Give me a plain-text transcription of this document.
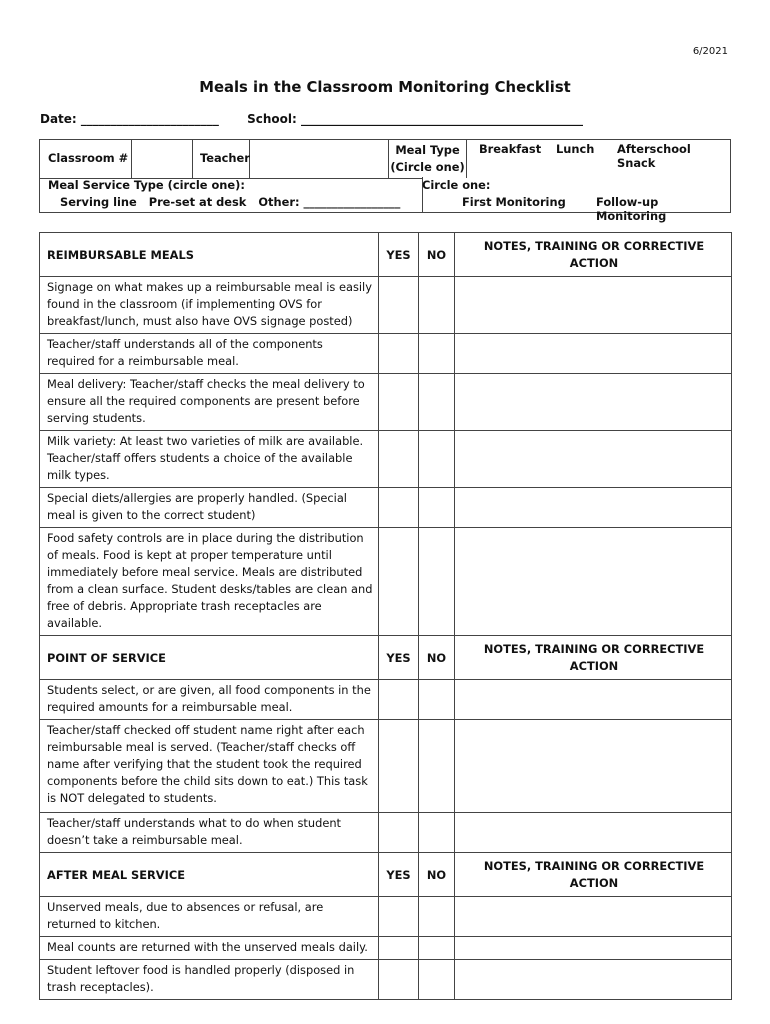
6/2021
Meals in the Classroom Monitoring Checklist
Date: _______________________ School: _______________________________________________
Classroom #	Teacher
Meal Type
(Circle one)
Breakfast Lunch Afterschool Snack
Meal Service Type (circle one):
Serving line Pre-set at desk Other: _________________
Circle one:
First Monitoring	Follow-up Monitoring
REIMBURSABLE MEALS	YES	NO	NOTES, TRAINING OR CORRECTIVE ACTION
Signage on what makes up a reimbursable meal is easily found in the classroom (if implementing OVS for breakfast/lunch, must also have OVS signage posted)			
Teacher/staff understands all of the components required for a reimbursable meal.			
Meal delivery: Teacher/staff checks the meal delivery to ensure all the required components are present before serving students.			
Milk variety: At least two varieties of milk are available. Teacher/staff offers students a choice of the available milk types.			
Special diets/allergies are properly handled. (Special meal is given to the correct student)			
Food safety controls are in place during the distribution of meals. Food is kept at proper temperature until immediately before meal service. Meals are distributed from a clean surface. Student desks/tables are clean and free of debris. Appropriate trash receptacles are available.			
POINT OF SERVICE	YES	NO	NOTES, TRAINING OR CORRECTIVE ACTION
Students select, or are given, all food components in the required amounts for a reimbursable meal.			
Teacher/staff checked off student name right after each reimbursable meal is served. (Teacher/staff checks off name after verifying that the student took the required components before the child sits down to eat.) This task is NOT delegated to students.			
Teacher/staff understands what to do when student doesn’t take a reimbursable meal.			
AFTER MEAL SERVICE	YES	NO	NOTES, TRAINING OR CORRECTIVE ACTION
Unserved meals, due to absences or refusal, are returned to kitchen.			
Meal counts are returned with the unserved meals daily.			
Student leftover food is handled properly (disposed in trash receptacles).			
